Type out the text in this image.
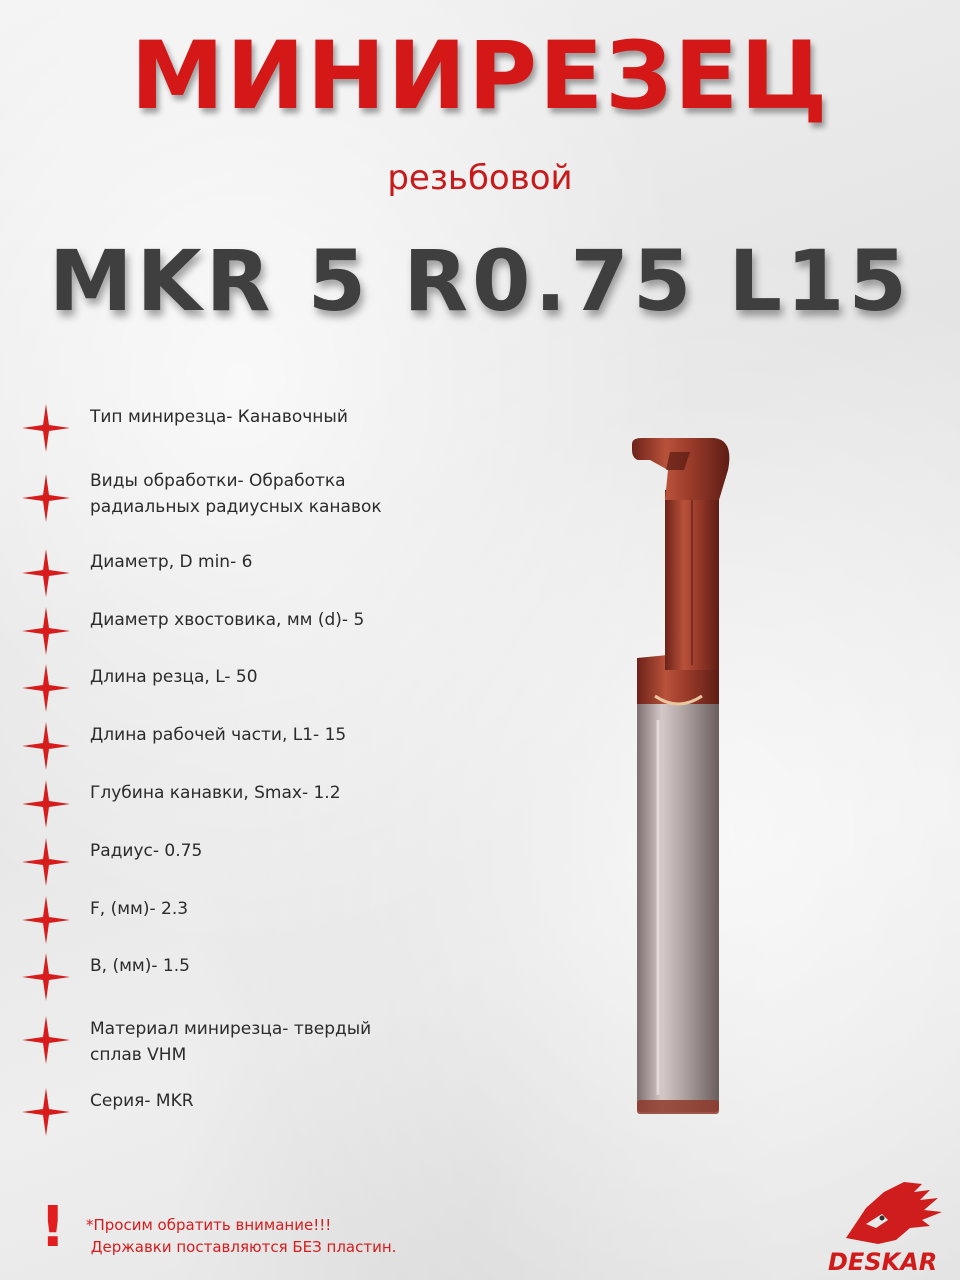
МИНИРЕЗЕЦ
резьбовой
MKR 5 R0.75 L15
Тип минирезца- Канавочный
Виды обработки- Обработка
радиальных радиусных канавок
Диаметр, D min- 6
Диаметр хвостовика, мм (d)- 5
Длина резца, L- 50
Длина рабочей части, L1- 15
Глубина канавки, Smax- 1.2
Радиус- 0.75
F, (мм)- 2.3
B, (мм)- 1.5
Материал минирезца- твердый
сплав VHM
Серия- MKR
! *Просим обратить внимание!!!
Державки поставляются БЕЗ пластин.
DESKAR
